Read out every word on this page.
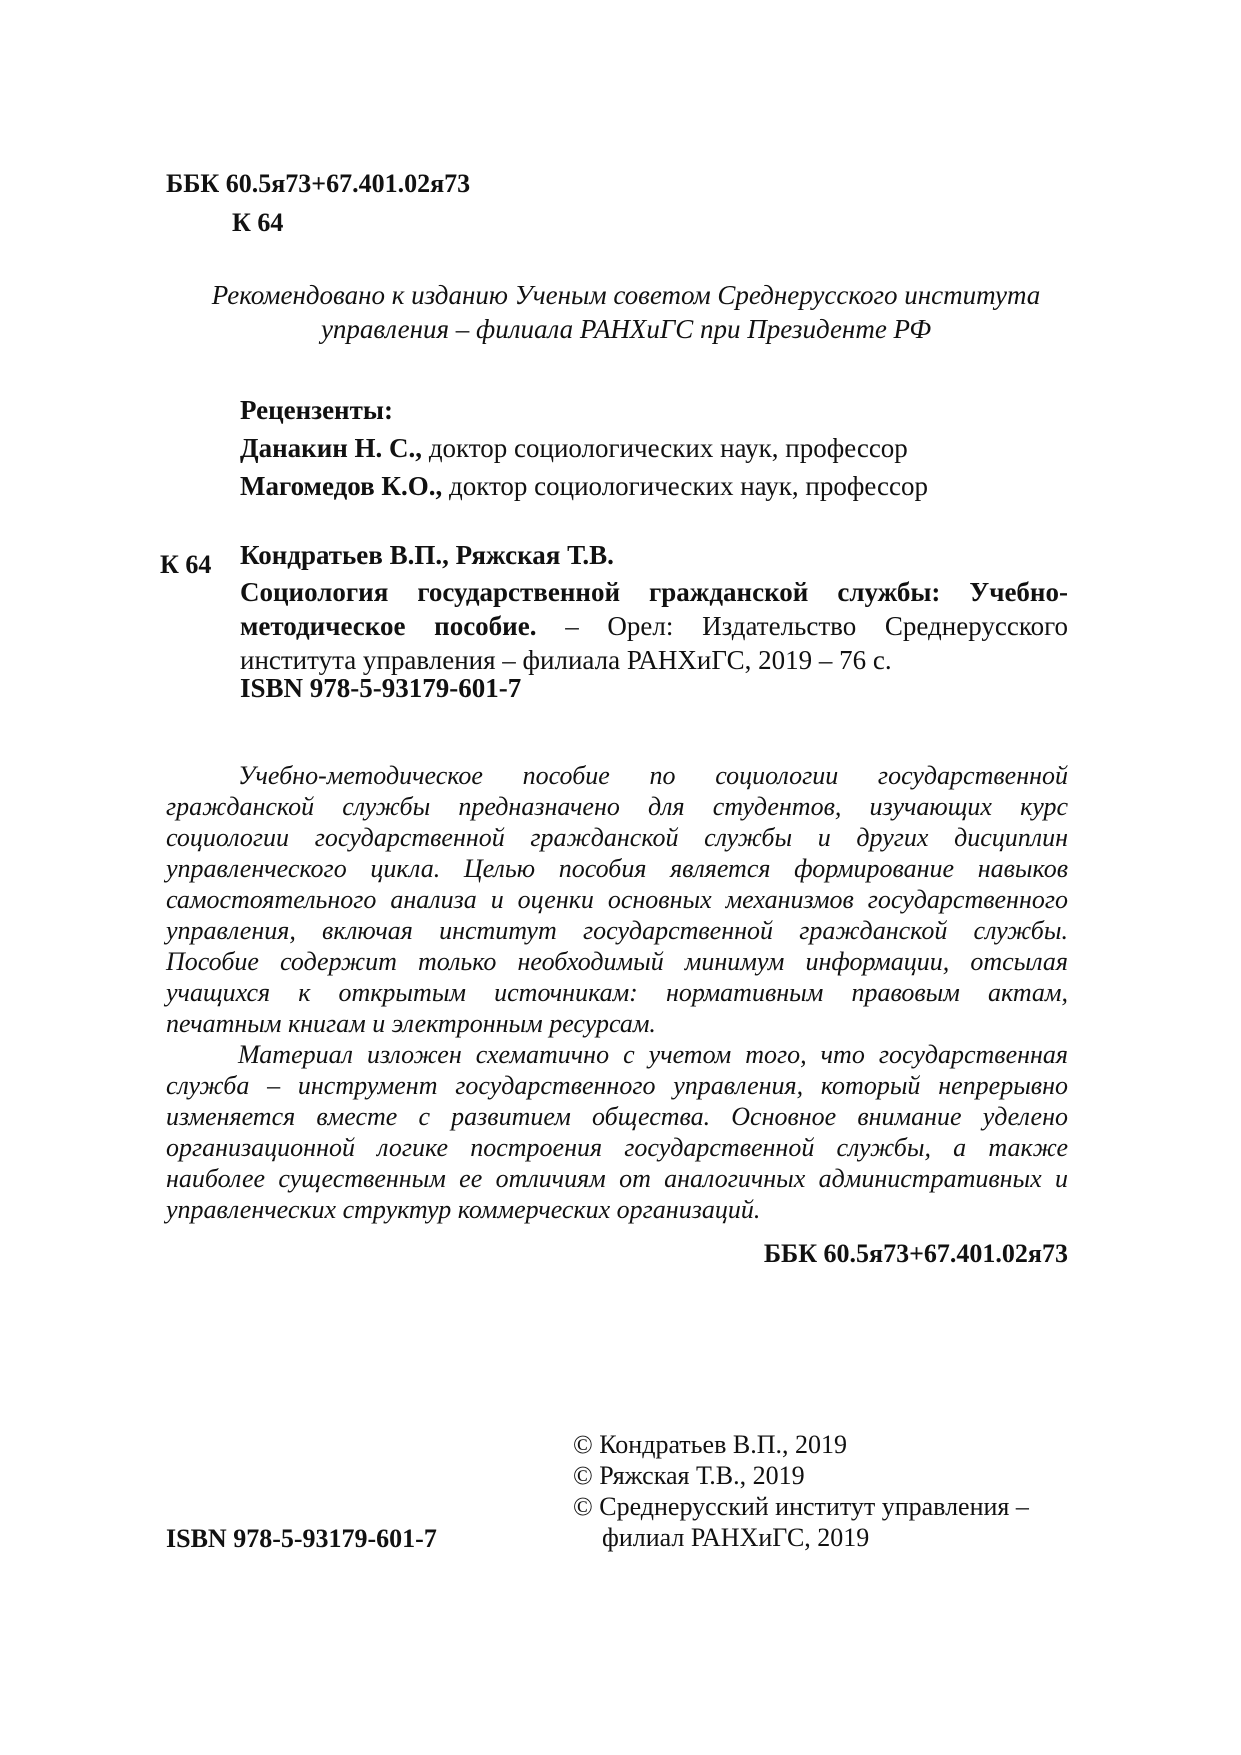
ББК 60.5я73+67.401.02я73
К 64
Рекомендовано к изданию Ученым советом Среднерусского института
управления – филиала РАНХиГС при Президенте РФ
Рецензенты:
Данакин Н. С., доктор социологических наук, профессор
Магомедов К.О., доктор социологических наук, профессор
К 64 Кондратьев В.П., Ряжская Т.В.
Социология государственной гражданской службы: Учебно-
методическое пособие. – Орел: Издательство Среднерусского
института управления – филиала РАНХиГС, 2019 – 76 с.
ISBN 978-5-93179-601-7
Учебно-методическое пособие по социологии государственной
гражданской службы предназначено для студентов, изучающих курс
социологии государственной гражданской службы и других дисциплин
управленческого цикла. Целью пособия является формирование навыков
самостоятельного анализа и оценки основных механизмов государственного
управления, включая институт государственной гражданской службы.
Пособие содержит только необходимый минимум информации, отсылая
учащихся к открытым источникам: нормативным правовым актам,
печатным книгам и электронным ресурсам.
Материал изложен схематично с учетом того, что государственная
служба – инструмент государственного управления, который непрерывно
изменяется вместе с развитием общества. Основное внимание уделено
организационной логике построения государственной службы, а также
наиболее существенным ее отличиям от аналогичных административных и
управленческих структур коммерческих организаций.
ББК 60.5я73+67.401.02я73
© Кондратьев В.П., 2019
© Ряжская Т.В., 2019
© Среднерусский институт управления –
филиал РАНХиГС, 2019
ISBN 978-5-93179-601-7
